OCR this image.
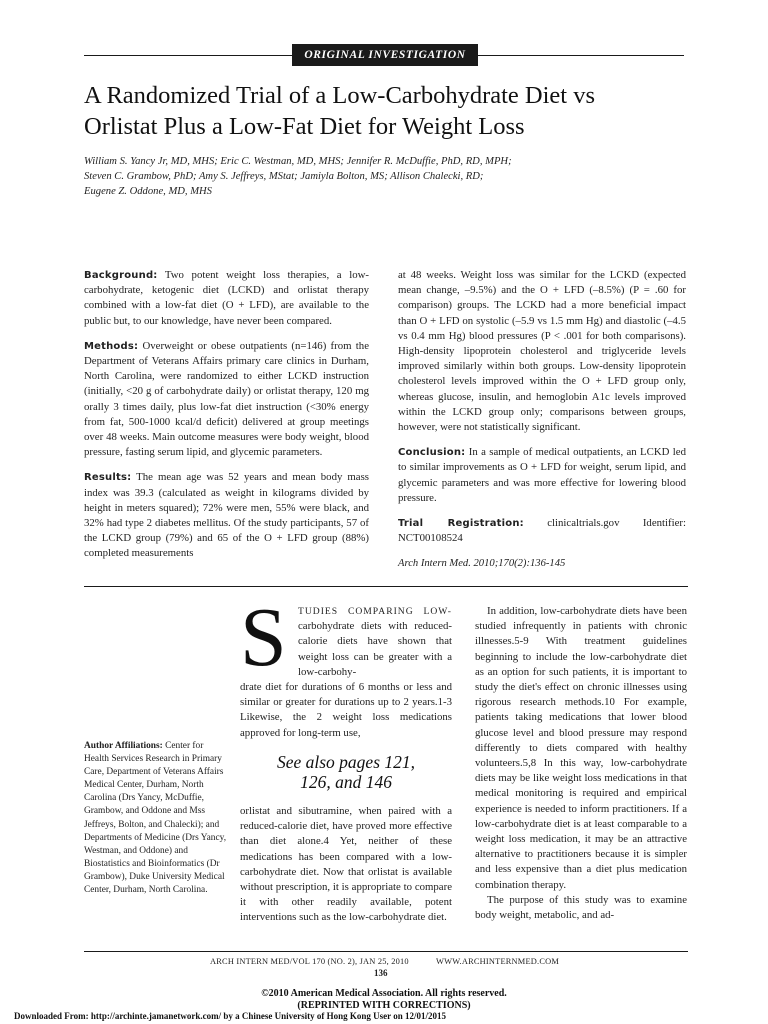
ORIGINAL INVESTIGATION
A Randomized Trial of a Low-Carbohydrate Diet vs
Orlistat Plus a Low-Fat Diet for Weight Loss
William S. Yancy Jr, MD, MHS; Eric C. Westman, MD, MHS; Jennifer R. McDuffie, PhD, RD, MPH;
Steven C. Grambow, PhD; Amy S. Jeffreys, MStat; Jamiyla Bolton, MS; Allison Chalecki, RD;
Eugene Z. Oddone, MD, MHS

Background: Two potent weight loss therapies, a low-carbohydrate, ketogenic diet (LCKD) and orlistat therapy combined with a low-fat diet (O + LFD), are available to the public but, to our knowledge, have never been compared.

Methods: Overweight or obese outpatients (n=146) from the Department of Veterans Affairs primary care clinics in Durham, North Carolina, were randomized to either LCKD instruction (initially, <20 g of carbohydrate daily) or orlistat therapy, 120 mg orally 3 times daily, plus low-fat diet instruction (<30% energy from fat, 500-1000 kcal/d deficit) delivered at group meetings over 48 weeks. Main outcome measures were body weight, blood pressure, fasting serum lipid, and glycemic parameters.

Results: The mean age was 52 years and mean body mass index was 39.3 (calculated as weight in kilograms divided by height in meters squared); 72% were men, 55% were black, and 32% had type 2 diabetes mellitus. Of the study participants, 57 of the LCKD group (79%) and 65 of the O + LFD group (88%) completed measurements

at 48 weeks. Weight loss was similar for the LCKD (expected mean change, –9.5%) and the O + LFD (–8.5%) (P = .60 for comparison) groups. The LCKD had a more beneficial impact than O + LFD on systolic (–5.9 vs 1.5 mm Hg) and diastolic (–4.5 vs 0.4 mm Hg) blood pressures (P < .001 for both comparisons). High-density lipoprotein cholesterol and triglyceride levels improved similarly within both groups. Low-density lipoprotein cholesterol levels improved within the O + LFD group only, whereas glucose, insulin, and hemoglobin A1c levels improved within the LCKD group only; comparisons between groups, however, were not statistically significant.

Conclusion: In a sample of medical outpatients, an LCKD led to similar improvements as O + LFD for weight, serum lipid, and glycemic parameters and was more effective for lowering blood pressure.

Trial Registration: clinicaltrials.gov Identifier: NCT00108524

Arch Intern Med. 2010;170(2):136-145

Author Affiliations: Center for Health Services Research in Primary Care, Department of Veterans Affairs Medical Center, Durham, North Carolina (Drs Yancy, McDuffie, Grambow, and Oddone and Mss Jeffreys, Bolton, and Chalecki); and Departments of Medicine (Drs Yancy, Westman, and Oddone) and Biostatistics and Bioinformatics (Dr Grambow), Duke University Medical Center, Durham, North Carolina.
S TUDIES COMPARING LOW- carbohydrate diets with reduced-calorie diets have shown that weight loss can be greater with a low-carbohy-
drate diet for durations of 6 months or less and similar or greater for durations up to 2 years.1-3 Likewise, the 2 weight loss medications approved for long-term use,
See also pages 121, 126, and 146
orlistat and sibutramine, when paired with a reduced-calorie diet, have proved more effective than diet alone.4 Yet, neither of these medications has been compared with a low-carbohydrate diet. Now that orlistat is available without prescription, it is appropriate to compare it with other readily available, potent interventions such as the low-carbohydrate diet.

In addition, low-carbohydrate diets have been studied infrequently in patients with chronic illnesses.5-9 With treatment guidelines beginning to include the low-carbohydrate diet as an option for such patients, it is important to study the diet's effect on chronic illnesses using rigorous research methods.10 For example, patients taking medications that lower blood glucose level and blood pressure may respond differently to diets compared with healthy volunteers.5,8 In this way, low-carbohydrate diets may be like weight loss medications in that medical monitoring is required and empirical experience is needed to inform practitioners. If a low-carbohydrate diet is at least comparable to a weight loss medication, it may be an attractive alternative to practitioners because it is simpler and less expensive than a diet plus medication combination therapy.

The purpose of this study was to examine body weight, metabolic, and ad-

ARCH INTERN MED/VOL 170 (NO. 2), JAN 25, 2010	WWW.ARCHINTERNMED.COM
136
©2010 American Medical Association. All rights reserved.
(REPRINTED WITH CORRECTIONS)
Downloaded From: http://archinte.jamanetwork.com/ by a Chinese University of Hong Kong User on 12/01/2015
